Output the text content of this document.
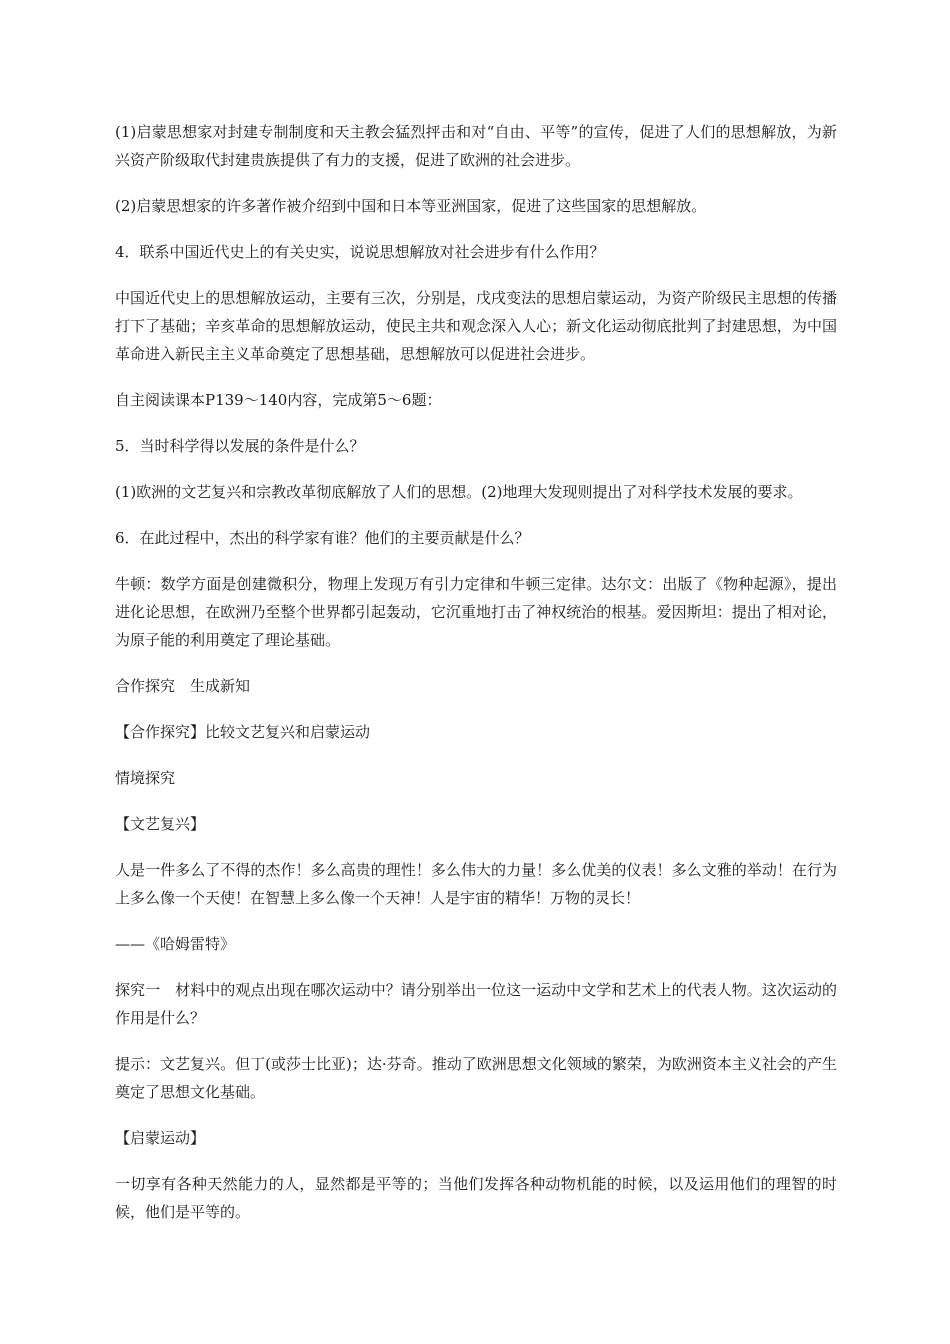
(1)启蒙思想家对封建专制制度和天主教会猛烈抨击和对“自由、平等”的宣传，促进了人们的思想解放，为新兴资产阶级取代封建贵族提供了有力的支援，促进了欧洲的社会进步。

(2)启蒙思想家的许多著作被介绍到中国和日本等亚洲国家，促进了这些国家的思想解放。

4．联系中国近代史上的有关史实，说说思想解放对社会进步有什么作用？

中国近代史上的思想解放运动，主要有三次，分别是，戊戌变法的思想启蒙运动，为资产阶级民主思想的传播打下了基础；辛亥革命的思想解放运动，使民主共和观念深入人心；新文化运动彻底批判了封建思想，为中国革命进入新民主主义革命奠定了思想基础，思想解放可以促进社会进步。

自主阅读课本P139～140内容，完成第5～6题：

5．当时科学得以发展的条件是什么？

(1)欧洲的文艺复兴和宗教改革彻底解放了人们的思想。(2)地理大发现则提出了对科学技术发展的要求。

6．在此过程中，杰出的科学家有谁？他们的主要贡献是什么？

牛顿：数学方面是创建微积分，物理上发现万有引力定律和牛顿三定律。达尔文：出版了《物种起源》，提出进化论思想，在欧洲乃至整个世界都引起轰动，它沉重地打击了神权统治的根基。爱因斯坦：提出了相对论，为原子能的利用奠定了理论基础。

合作探究　生成新知

【合作探究】比较文艺复兴和启蒙运动

情境探究

【文艺复兴】

人是一件多么了不得的杰作！多么高贵的理性！多么伟大的力量！多么优美的仪表！多么文雅的举动！在行为上多么像一个天使！在智慧上多么像一个天神！人是宇宙的精华！万物的灵长！

——《哈姆雷特》

探究一　材料中的观点出现在哪次运动中？请分别举出一位这一运动中文学和艺术上的代表人物。这次运动的作用是什么？

提示：文艺复兴。但丁(或莎士比亚)；达·芬奇。推动了欧洲思想文化领域的繁荣，为欧洲资本主义社会的产生奠定了思想文化基础。

【启蒙运动】

一切享有各种天然能力的人，显然都是平等的；当他们发挥各种动物机能的时候，以及运用他们的理智的时候，他们是平等的。
